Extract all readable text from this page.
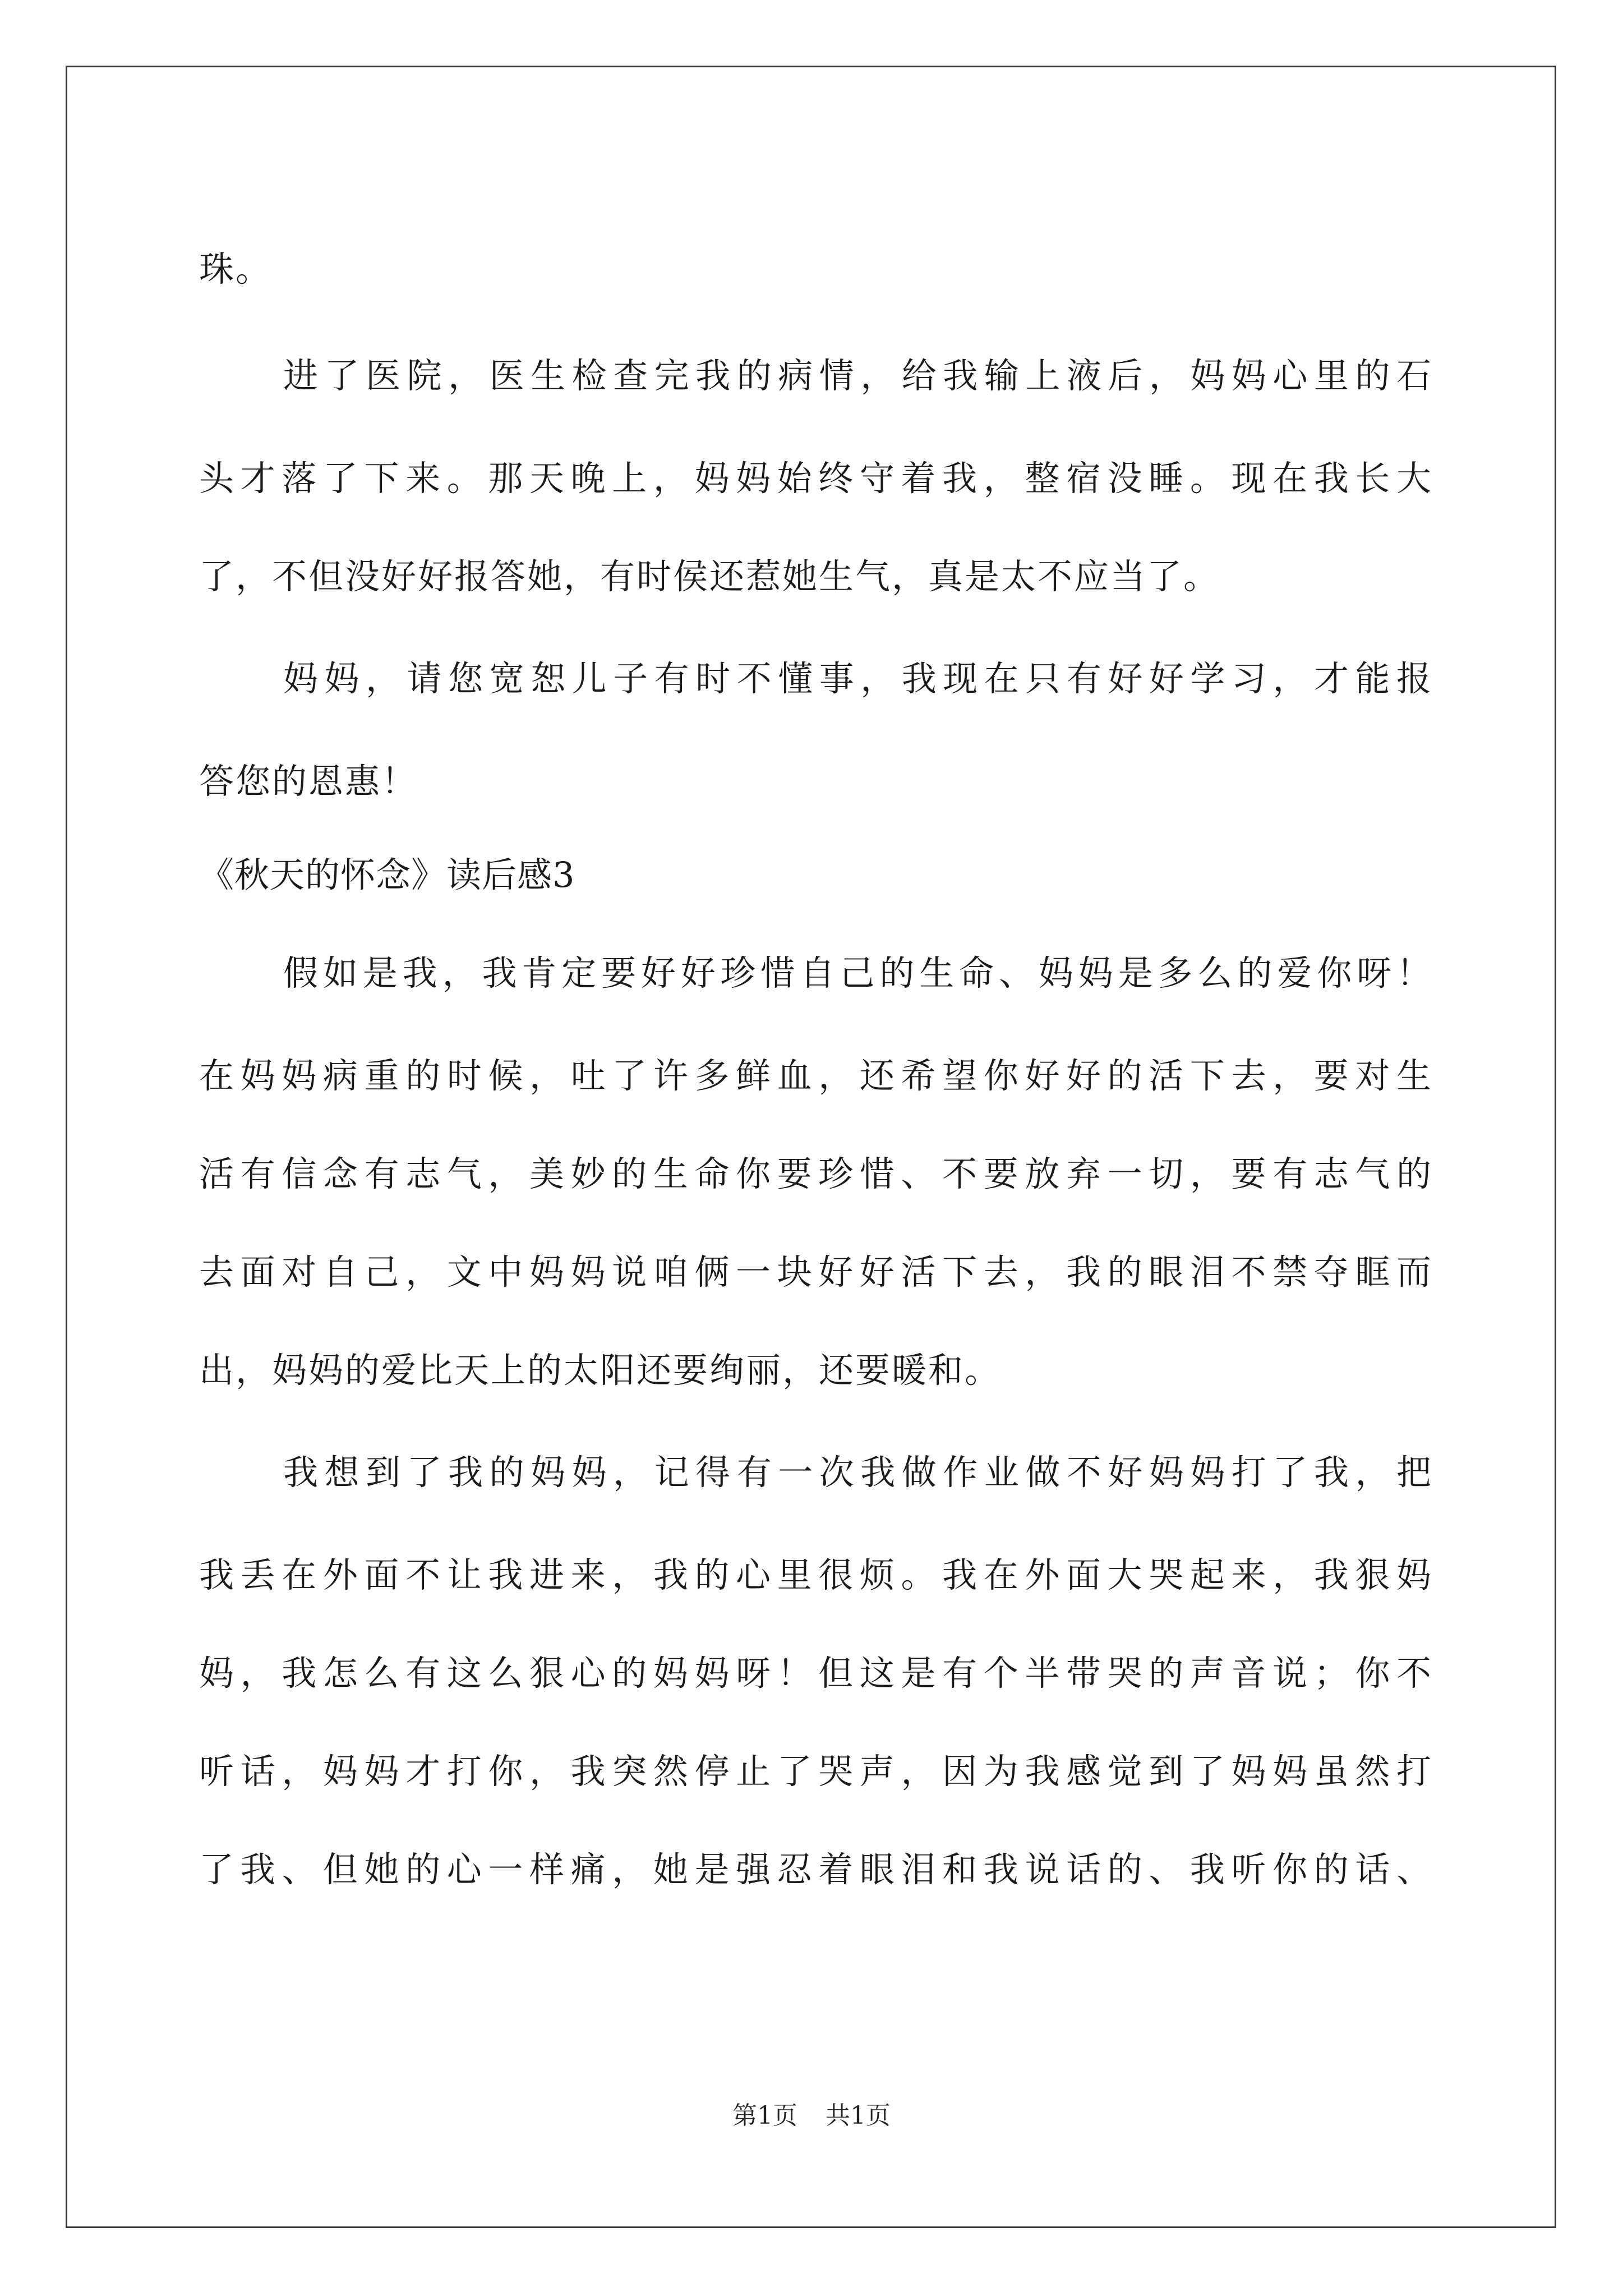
珠。
进了医院，医生检查完我的病情，给我输上液后，妈妈心里的石
头才落了下来。那天晚上，妈妈始终守着我，整宿没睡。现在我长大
了，不但没好好报答她，有时侯还惹她生气，真是太不应当了。
妈妈，请您宽恕儿子有时不懂事，我现在只有好好学习，才能报
答您的恩惠！
《秋天的怀念》读后感3
假如是我，我肯定要好好珍惜自己的生命、妈妈是多么的爱你呀！
在妈妈病重的时候，吐了许多鲜血，还希望你好好的活下去，要对生
活有信念有志气，美妙的生命你要珍惜、不要放弃一切，要有志气的
去面对自己，文中妈妈说咱俩一块好好活下去，我的眼泪不禁夺眶而
出，妈妈的爱比天上的太阳还要绚丽，还要暖和。
我想到了我的妈妈，记得有一次我做作业做不好妈妈打了我，把
我丢在外面不让我进来，我的心里很烦。我在外面大哭起来，我狠妈
妈，我怎么有这么狠心的妈妈呀！但这是有个半带哭的声音说；你不
听话，妈妈才打你，我突然停止了哭声，因为我感觉到了妈妈虽然打
了我、但她的心一样痛，她是强忍着眼泪和我说话的、我听你的话、
第1页 共1页
